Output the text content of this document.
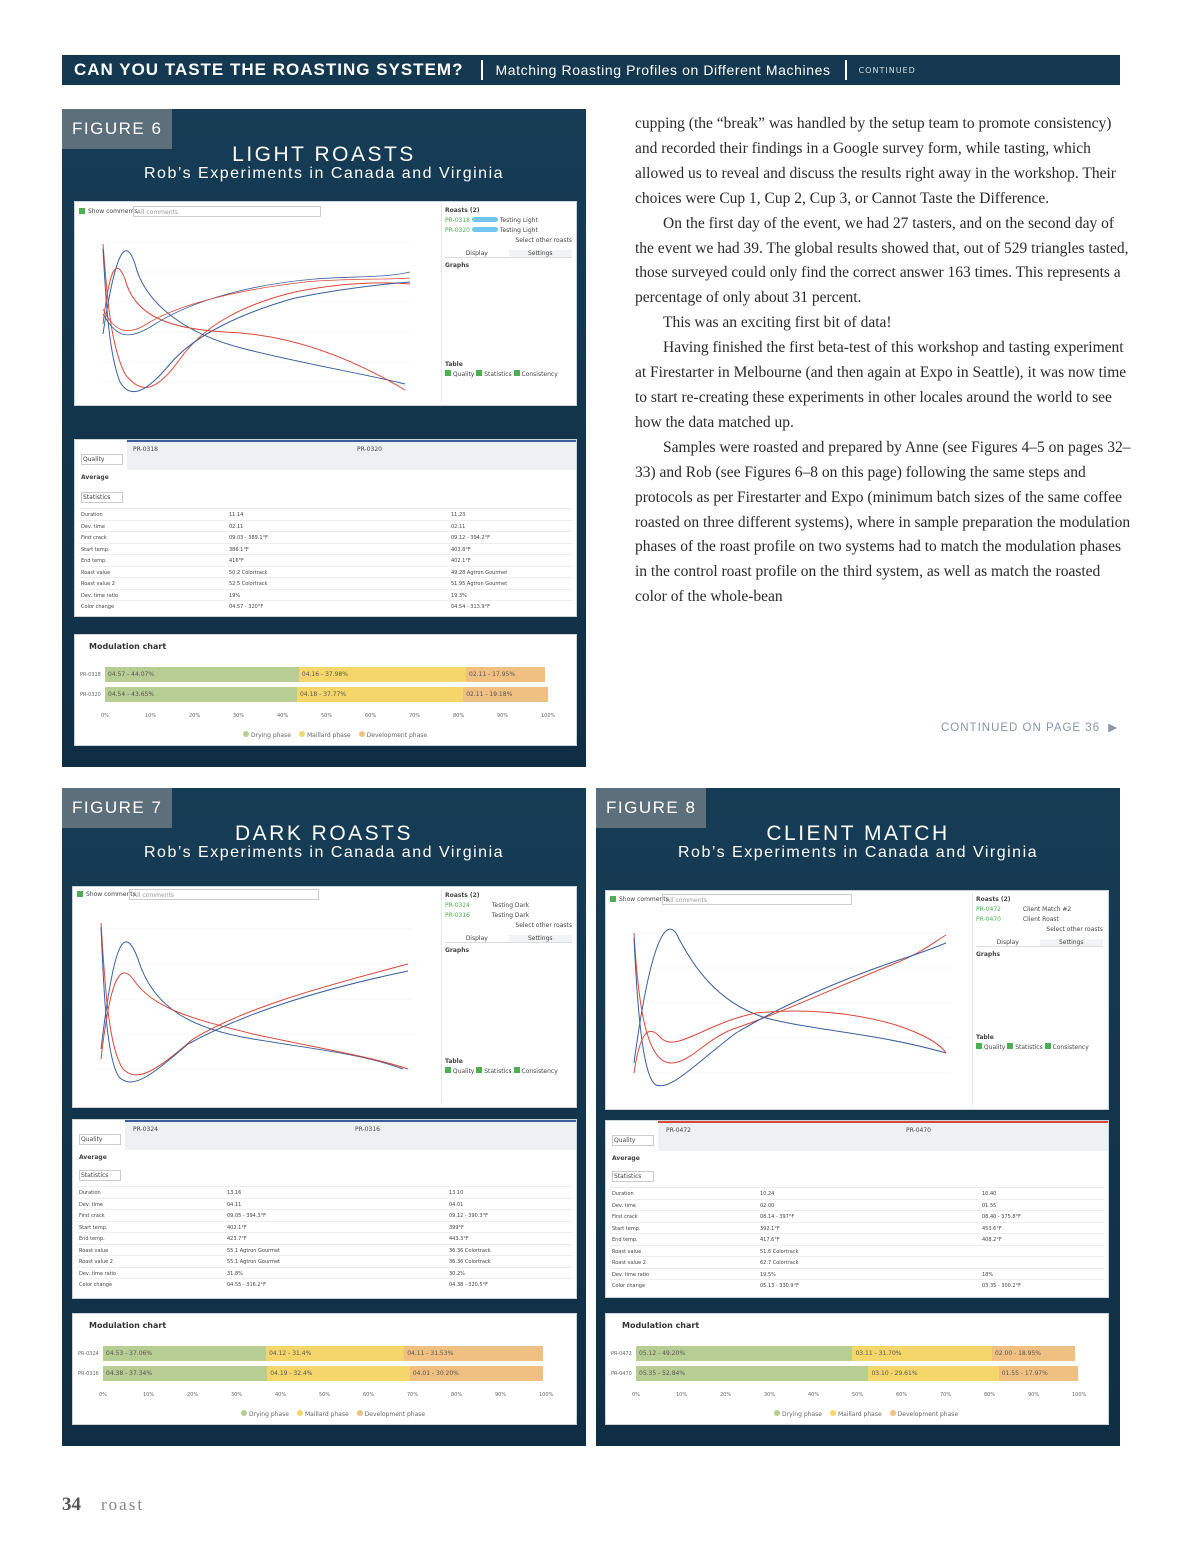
CAN YOU TASTE THE ROASTING SYSTEM? Matching Roasting Profiles on Different Machines	CONTINUED
FIGURE 6
LIGHT ROASTS
Rob’s Experiments in Canada and Virginia
Show comments All comments	Roasts (2)
PR-0318	Testing Light
PR-0320	Testing Light
Select other roasts
Display	Settings
Graphs
Table
Quality Statistics Consistency
PR-0318	PR-0320
Quality
Average
Statistics
Duration	11.14	11.23
Dev. time	02.11	02.11
First crack	09.03 - 389.1°F	09.12 - 394.2°F
Start temp.	386.1°F	403.8°F
End temp.	416°F	402.1°F
Roast value	50.2 Colortrack	49.28 Agtron Gourmet
Roast value 2	52.5 Colortrack	51.95 Agtron Gourmet
Dev. time ratio	19%	19.3%
Color change	04.57 - 320°F	04.54 - 313.9°F
Modulation chart
PR-0318	04.57 - 44.07%	04.16 - 37.98%	02.11 - 17.95%
PR-0320	04.54 - 43.65%	04.18 - 37.77%	02.11 - 19.18%
0%	10%	20%	30%	40%	50%	60%	70%	80%	90%	100%
Drying phase	Maillard phase	Development phase
FIGURE 7
DARK ROASTS
Rob’s Experiments in Canada and Virginia
Show comments
All comments	Roasts (2)
PR-0324	Testing Dark
PR-0316	Testing Dark
Select other roasts
Display	Settings
Graphs
Table
Quality Statistics Consistency
PR-0324	PR-0316
Quality
Average
Statistics
Duration	13.16	13.10
Dev. time	04.11	04.01
First crack	09.05 - 394.3°F	09.12 - 390.3°F
Start temp.	402.1°F	399°F
End temp.	423.7°F	443.3°F
Roast value	55.1 Agtron Gourmet	36.36 Colortrack
Roast value 2	55.1 Agtron Gourmet	36.36 Colortrack
Dev. time ratio	31.8%	30.2%
Color change	04.55 - 316.2°F	04.38 - 320.5°F
Modulation chart
PR-0324	04.53 - 37.06%	04.12 - 31.4%	04.11 - 31.53%
PR-0316	04.38 - 37.34%	04.19 - 32.4%	04.01 - 30.20%
0%	10%	20%	30%	40%	50%	60%	70%	80%	90%	100%
Drying phase	Maillard phase	Development phase
FIGURE 8
CLIENT MATCH
Rob’s Experiments in Canada and Virginia
Show comments
All comments	Roasts (2)
PR-0472	Client Match #2
PR-0470	Client Roast
Select other roasts
Display	Settings
Graphs
Table
Quality Statistics Consistency
PR-0472	PR-0470
Quality
Average
Statistics
Duration	10.24	10.40
Dev. time	02.00	01.55
First crack	08.14 - 397°F	08.40 - 375.8°F
Start temp.	392.1°F	453.6°F
End temp.	417.6°F	408.2°F
Roast value	51.6 Colortrack
Roast value 2	62.7 Colortrack
Dev. time ratio	19.5%	18%
Color change	05.13 - 330.9°F	03.35 - 300.2°F
Modulation chart
PR-0472	05.12 - 49.20%	03.11 - 31.70%	02.00 - 18.95%
PR-0470	05.35 - 52.84%	03.10 - 29.61%	01.55 - 17.97%
0%	10%	20%	30%	40%	50%	60%	70%	80%	90%	100%
Drying phase	Maillard phase	Development phase

cupping (the “break” was handled by the setup team to promote consistency) and recorded their findings in a Google survey form, while tasting, which allowed us to reveal and discuss the results right away in the workshop. Their choices were Cup 1, Cup 2, Cup 3, or Cannot Taste the Difference.

On the first day of the event, we had 27 tasters, and on the second day of the event we had 39. The global results showed that, out of 529 triangles tasted, those surveyed could only find the correct answer 163 times. This represents a percentage of only about 31 percent.

This was an exciting first bit of data!

Having finished the first beta-test of this workshop and tasting experiment at Firestarter in Melbourne (and then again at Expo in Seattle), it was now time to start re-creating these experiments in other locales around the world to see how the data matched up.

Samples were roasted and prepared by Anne (see Figures 4–5 on pages 32–33) and Rob (see Figures 6–8 on this page) following the same steps and protocols as per Firestarter and Expo (minimum batch sizes of the same coffee roasted on three different systems), where in sample preparation the modulation phases of the roast profile on two systems had to match the modulation phases in the control roast profile on the third system, as well as match the roasted color of the whole-bean

CONTINUED ON PAGE 36 ▶
34 roast
